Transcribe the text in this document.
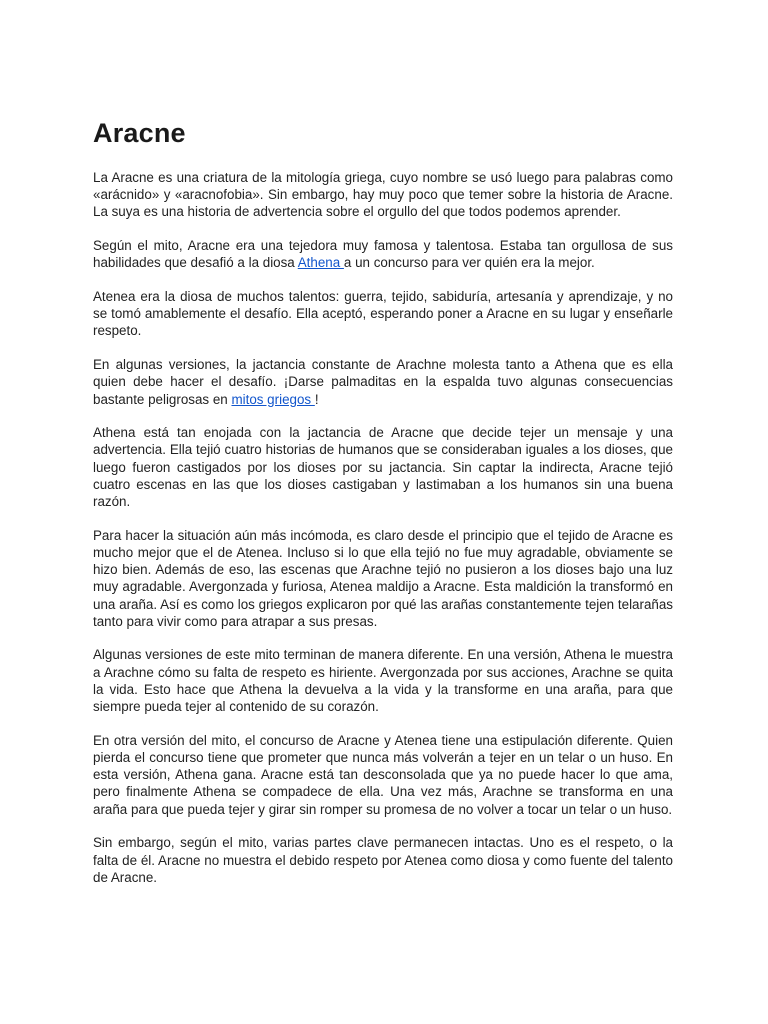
Aracne

La Aracne es una criatura de la mitología griega, cuyo nombre se usó luego para palabras como «arácnido» y «aracnofobia». Sin embargo, hay muy poco que temer sobre la historia de Aracne. La suya es una historia de advertencia sobre el orgullo del que todos podemos aprender.

Según el mito, Aracne era una tejedora muy famosa y talentosa. Estaba tan orgullosa de sus habilidades que desafió a la diosa Athena a un concurso para ver quién era la mejor.

Atenea era la diosa de muchos talentos: guerra, tejido, sabiduría, artesanía y aprendizaje, y no se tomó amablemente el desafío. Ella aceptó, esperando poner a Aracne en su lugar y enseñarle respeto.

En algunas versiones, la jactancia constante de Arachne molesta tanto a Athena que es ella quien debe hacer el desafío. ¡Darse palmaditas en la espalda tuvo algunas consecuencias bastante peligrosas en mitos griegos !

Athena está tan enojada con la jactancia de Aracne que decide tejer un mensaje y una advertencia. Ella tejió cuatro historias de humanos que se consideraban iguales a los dioses, que luego fueron castigados por los dioses por su jactancia. Sin captar la indirecta, Aracne tejió cuatro escenas en las que los dioses castigaban y lastimaban a los humanos sin una buena razón.

Para hacer la situación aún más incómoda, es claro desde el principio que el tejido de Aracne es mucho mejor que el de Atenea. Incluso si lo que ella tejió no fue muy agradable, obviamente se hizo bien. Además de eso, las escenas que Arachne tejió no pusieron a los dioses bajo una luz muy agradable. Avergonzada y furiosa, Atenea maldijo a Aracne. Esta maldición la transformó en una araña. Así es como los griegos explicaron por qué las arañas constantemente tejen telarañas tanto para vivir como para atrapar a sus presas.

Algunas versiones de este mito terminan de manera diferente. En una versión, Athena le muestra a Arachne cómo su falta de respeto es hiriente. Avergonzada por sus acciones, Arachne se quita la vida. Esto hace que Athena la devuelva a la vida y la transforme en una araña, para que siempre pueda tejer al contenido de su corazón.

En otra versión del mito, el concurso de Aracne y Atenea tiene una estipulación diferente. Quien pierda el concurso tiene que prometer que nunca más volverán a tejer en un telar o un huso. En esta versión, Athena gana. Aracne está tan desconsolada que ya no puede hacer lo que ama, pero finalmente Athena se compadece de ella. Una vez más, Arachne se transforma en una araña para que pueda tejer y girar sin romper su promesa de no volver a tocar un telar o un huso.

Sin embargo, según el mito, varias partes clave permanecen intactas. Uno es el respeto, o la falta de él. Aracne no muestra el debido respeto por Atenea como diosa y como fuente del talento de Aracne.
